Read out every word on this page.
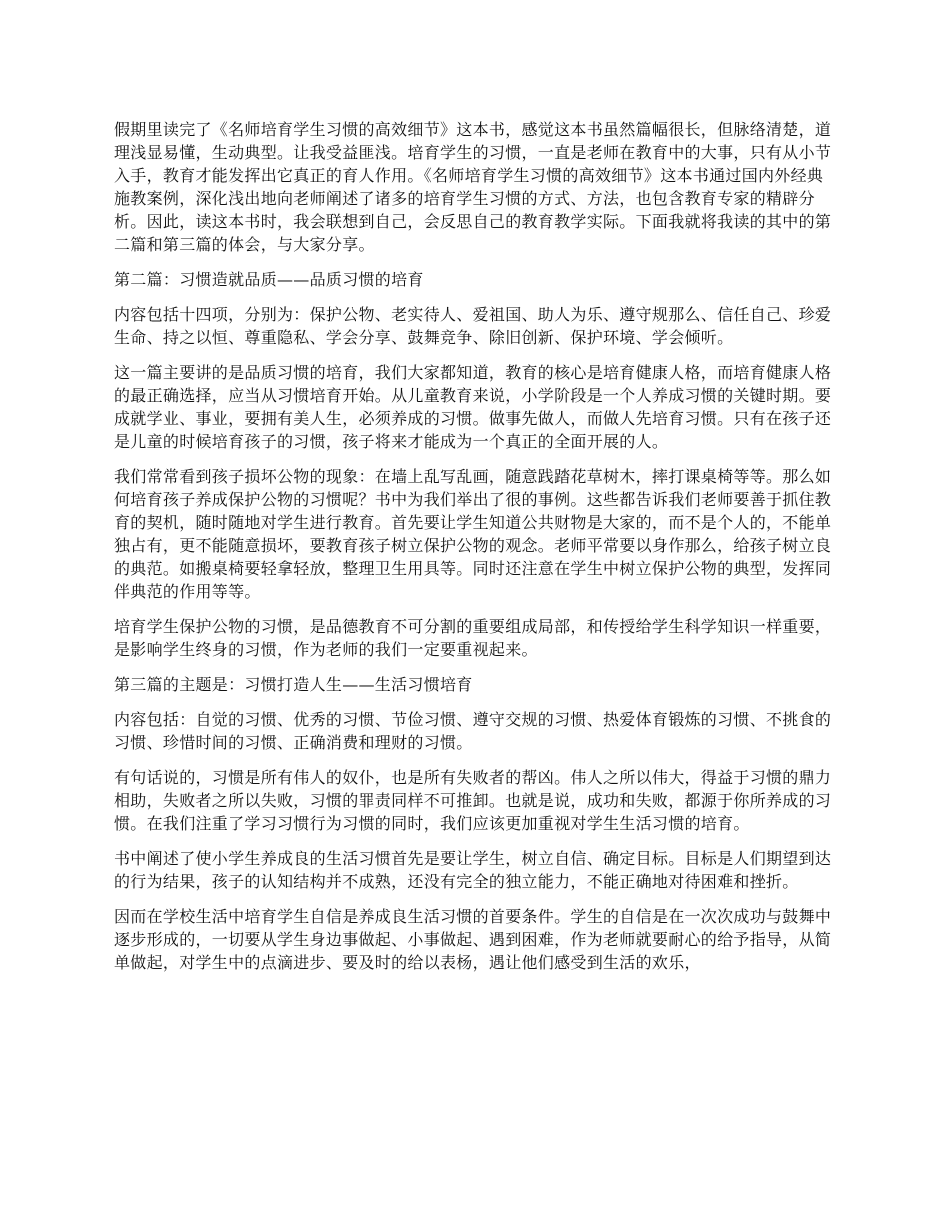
假期里读完了《名师培育学生习惯的高效细节》这本书，感觉这本书虽然篇幅很长，但脉络清楚，道理浅显易懂，生动典型。让我受益匪浅。培育学生的习惯，一直是老师在教育中的大事，只有从小节入手，教育才能发挥出它真正的育人作用。《名师培育学生习惯的高效细节》这本书通过国内外经典施教案例，深化浅出地向老师阐述了诸多的培育学生习惯的方式、方法，也包含教育专家的精辟分析。因此，读这本书时，我会联想到自己，会反思自己的教育教学实际。下面我就将我读的其中的第二篇和第三篇的体会，与大家分享。

第二篇：习惯造就品质——品质习惯的培育

内容包括十四项，分别为：保护公物、老实待人、爱祖国、助人为乐、遵守规那么、信任自己、珍爱生命、持之以恒、尊重隐私、学会分享、鼓舞竞争、除旧创新、保护环境、学会倾听。

这一篇主要讲的是品质习惯的培育，我们大家都知道，教育的核心是培育健康人格，而培育健康人格的最正确选择，应当从习惯培育开始。从儿童教育来说，小学阶段是一个人养成习惯的关键时期。要成就学业、事业，要拥有美人生，必须养成的习惯。做事先做人，而做人先培育习惯。只有在孩子还是儿童的时候培育孩子的习惯，孩子将来才能成为一个真正的全面开展的人。

我们常常看到孩子损坏公物的现象：在墙上乱写乱画，随意践踏花草树木，摔打课桌椅等等。那么如何培育孩子养成保护公物的习惯呢？书中为我们举出了很的事例。这些都告诉我们老师要善于抓住教育的契机，随时随地对学生进行教育。首先要让学生知道公共财物是大家的，而不是个人的，不能单独占有，更不能随意损坏，要教育孩子树立保护公物的观念。老师平常要以身作那么，给孩子树立良的典范。如搬桌椅要轻拿轻放，整理卫生用具等。同时还注意在学生中树立保护公物的典型，发挥同伴典范的作用等等。

培育学生保护公物的习惯，是品德教育不可分割的重要组成局部，和传授给学生科学知识一样重要，是影响学生终身的习惯，作为老师的我们一定要重视起来。

第三篇的主题是：习惯打造人生——生活习惯培育

内容包括：自觉的习惯、优秀的习惯、节俭习惯、遵守交规的习惯、热爱体育锻炼的习惯、不挑食的习惯、珍惜时间的习惯、正确消费和理财的习惯。

有句话说的，习惯是所有伟人的奴仆，也是所有失败者的帮凶。伟人之所以伟大，得益于习惯的鼎力相助，失败者之所以失败，习惯的罪责同样不可推卸。也就是说，成功和失败，都源于你所养成的习惯。在我们注重了学习习惯行为习惯的同时，我们应该更加重视对学生生活习惯的培育。

书中阐述了使小学生养成良的生活习惯首先是要让学生，树立自信、确定目标。目标是人们期望到达的行为结果，孩子的认知结构并不成熟，还没有完全的独立能力，不能正确地对待困难和挫折。

因而在学校生活中培育学生自信是养成良生活习惯的首要条件。学生的自信是在一次次成功与鼓舞中逐步形成的，一切要从学生身边事做起、小事做起、遇到困难，作为老师就要耐心的给予指导，从简单做起，对学生中的点滴进步、要及时的给以表杨，遇让他们感受到生活的欢乐，
